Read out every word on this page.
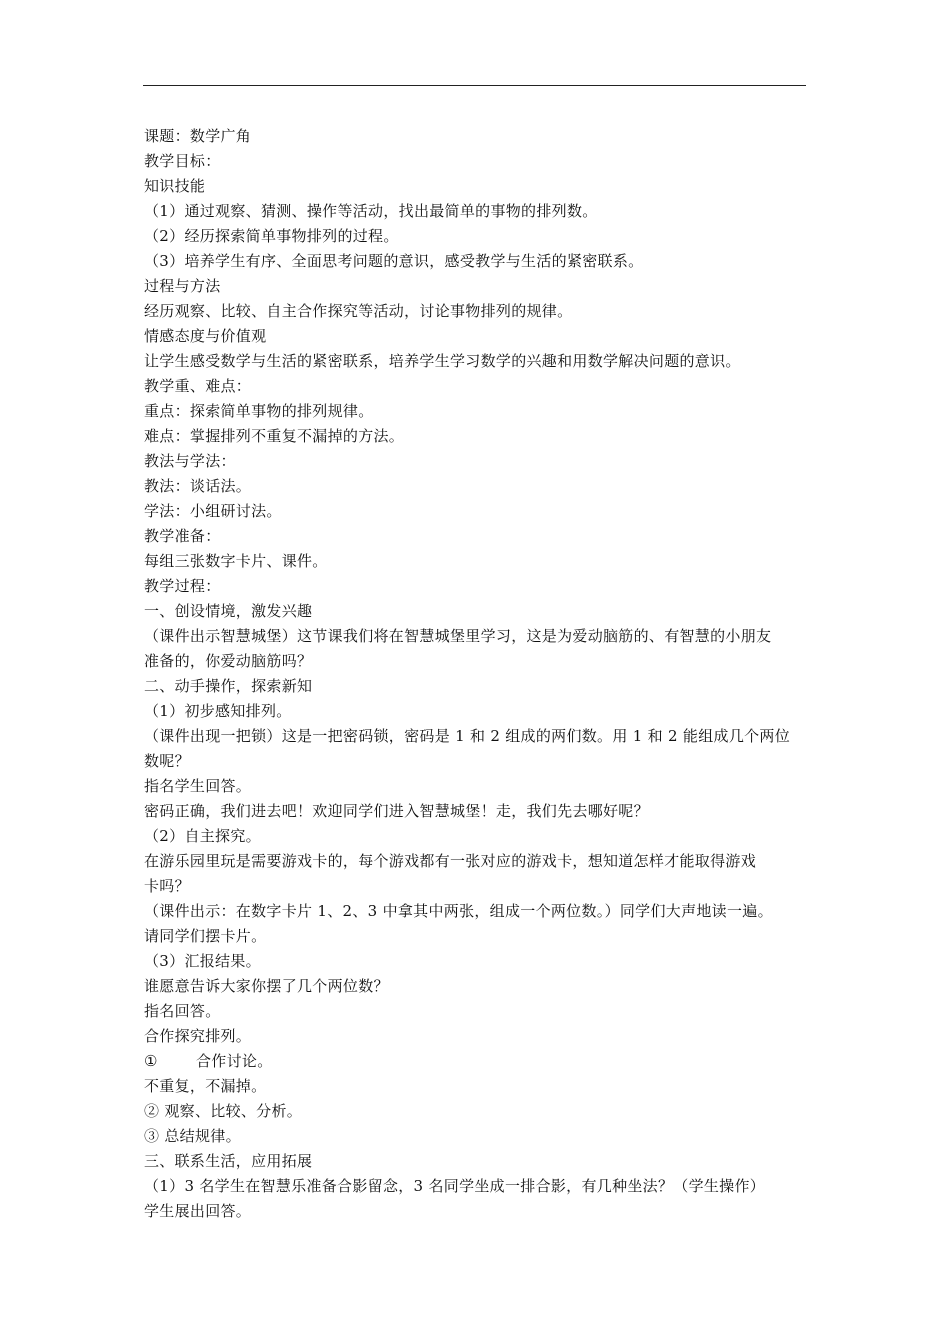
课题：数学广角
教学目标：
知识技能
（1）通过观察、猜测、操作等活动，找出最简单的事物的排列数。
（2）经历探索简单事物排列的过程。
（3）培养学生有序、全面思考问题的意识，感受教学与生活的紧密联系。
过程与方法
经历观察、比较、自主合作探究等活动，讨论事物排列的规律。
情感态度与价值观
让学生感受数学与生活的紧密联系，培养学生学习数学的兴趣和用数学解决问题的意识。
教学重、难点：
重点：探索简单事物的排列规律。
难点：掌握排列不重复不漏掉的方法。
教法与学法：
教法：谈话法。
学法：小组研讨法。
教学准备：
每组三张数字卡片、课件。
教学过程：
一、创设情境，激发兴趣
（课件出示智慧城堡）这节课我们将在智慧城堡里学习，这是为爱动脑筋的、有智慧的小朋友
准备的，你爱动脑筋吗？
二、动手操作，探索新知
（1）初步感知排列。
（课件出现一把锁）这是一把密码锁，密码是 1 和 2 组成的两们数。用 1 和 2 能组成几个两位
数呢？
指名学生回答。
密码正确，我们进去吧！欢迎同学们进入智慧城堡！走，我们先去哪好呢？
（2）自主探究。
在游乐园里玩是需要游戏卡的，每个游戏都有一张对应的游戏卡，想知道怎样才能取得游戏
卡吗？
（课件出示：在数字卡片 1、2、3 中拿其中两张，组成一个两位数。）同学们大声地读一遍。
请同学们摆卡片。
（3）汇报结果。
谁愿意告诉大家你摆了几个两位数？
指名回答。
合作探究排列。
①	合作讨论。
不重复，不漏掉。
② 观察、比较、分析。
③ 总结规律。
三、联系生活，应用拓展
（1）3 名学生在智慧乐准备合影留念，3 名同学坐成一排合影，有几种坐法？（学生操作）
学生展出回答。
